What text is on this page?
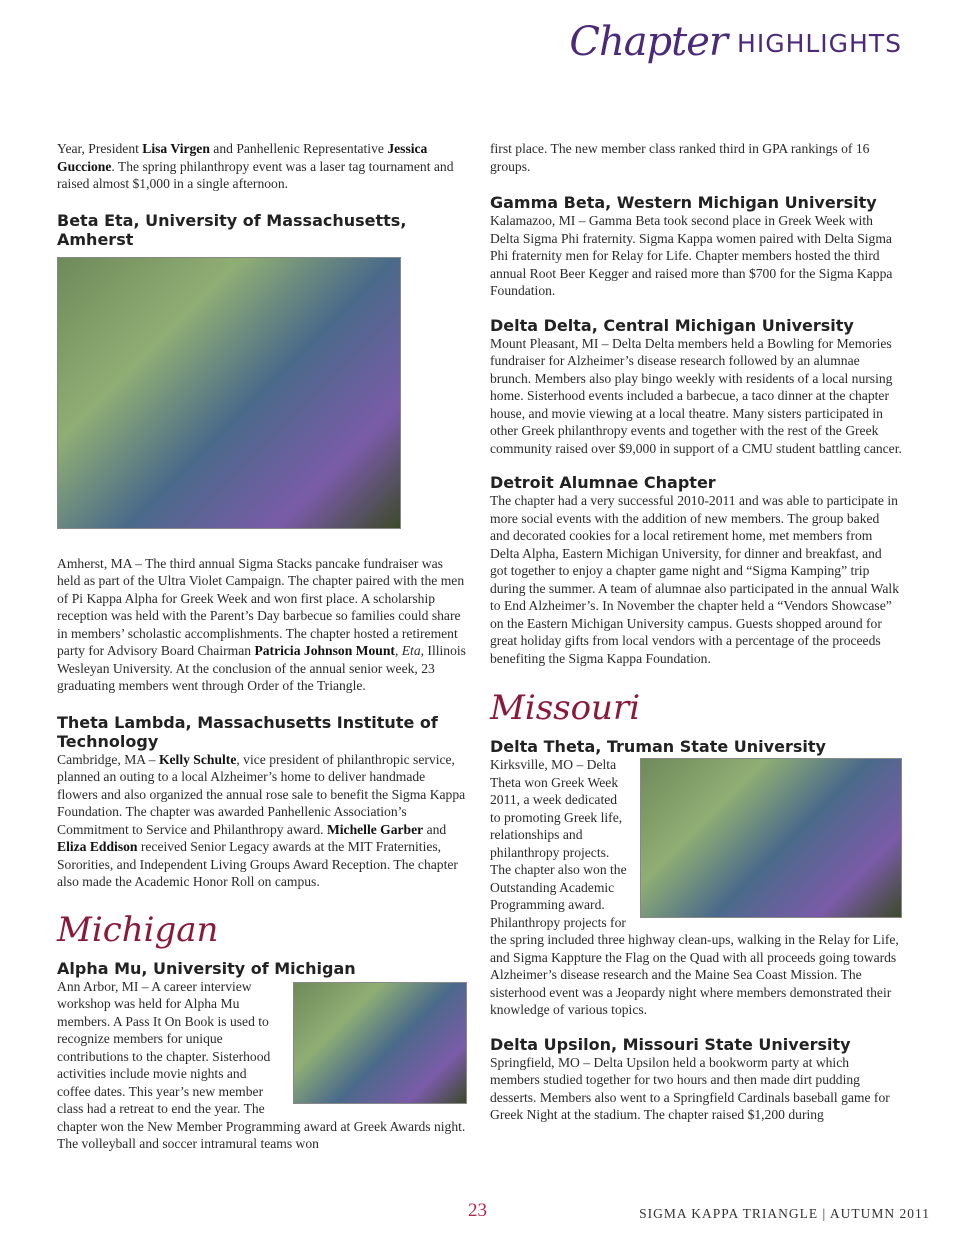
Chapter HIGHLIGHTS

Year, President Lisa Virgen and Panhellenic Representative Jessica Guccione. The spring philanthropy event was a laser tag tournament and raised almost $1,000 in a single afternoon.

Beta Eta, University of Massachusetts, Amherst

Amherst, MA – The third annual Sigma Stacks pancake fundraiser was held as part of the Ultra Violet Campaign. The chapter paired with the men of Pi Kappa Alpha for Greek Week and won first place. A scholarship reception was held with the Parent’s Day barbecue so families could share in members’ scholastic accomplishments. The chapter hosted a retirement party for Advisory Board Chairman Patricia Johnson Mount, Eta, Illinois Wesleyan University. At the conclusion of the annual senior week, 23 graduating members went through Order of the Triangle.

Theta Lambda, Massachusetts Institute of Technology

Cambridge, MA – Kelly Schulte, vice president of philanthropic service, planned an outing to a local Alzheimer’s home to deliver handmade flowers and also organized the annual rose sale to benefit the Sigma Kappa Foundation. The chapter was awarded Panhellenic Association’s Commitment to Service and Philanthropy award. Michelle Garber and Eliza Eddison received Senior Legacy awards at the MIT Fraternities, Sororities, and Independent Living Groups Award Reception. The chapter also made the Academic Honor Roll on campus.

Michigan
Alpha Mu, University of Michigan

Ann Arbor, MI – A career interview workshop was held for Alpha Mu members. A Pass It On Book is used to recognize members for unique contributions to the chapter. Sisterhood activities include movie nights and coffee dates. This year’s new member class had a retreat to end the year. The chapter won the New Member Programming award at Greek Awards night. The volleyball and soccer intramural teams won

first place. The new member class ranked third in GPA rankings of 16 groups.

Gamma Beta, Western Michigan University

Kalamazoo, MI – Gamma Beta took second place in Greek Week with Delta Sigma Phi fraternity. Sigma Kappa women paired with Delta Sigma Phi fraternity men for Relay for Life. Chapter members hosted the third annual Root Beer Kegger and raised more than $700 for the Sigma Kappa Foundation.

Delta Delta, Central Michigan University

Mount Pleasant, MI – Delta Delta members held a Bowling for Memories fundraiser for Alzheimer’s disease research followed by an alumnae brunch. Members also play bingo weekly with residents of a local nursing home. Sisterhood events included a barbecue, a taco dinner at the chapter house, and movie viewing at a local theatre. Many sisters participated in other Greek philanthropy events and together with the rest of the Greek community raised over $9,000 in support of a CMU student battling cancer.

Detroit Alumnae Chapter

The chapter had a very successful 2010-2011 and was able to participate in more social events with the addition of new members. The group baked and decorated cookies for a local retirement home, met members from Delta Alpha, Eastern Michigan University, for dinner and breakfast, and got together to enjoy a chapter game night and “Sigma Kamping” trip during the summer. A team of alumnae also participated in the annual Walk to End Alzheimer’s. In November the chapter held a “Vendors Showcase” on the Eastern Michigan University campus. Guests shopped around for great holiday gifts from local vendors with a percentage of the proceeds benefiting the Sigma Kappa Foundation.

Missouri
Delta Theta, Truman State University

Kirksville, MO – Delta Theta won Greek Week 2011, a week dedicated to promoting Greek life, relationships and philanthropy projects. The chapter also won the Outstanding Academic Programming award. Philanthropy projects for the spring included three highway clean-ups, walking in the Relay for Life, and Sigma Kappture the Flag on the Quad with all proceeds going towards Alzheimer’s disease research and the Maine Sea Coast Mission. The sisterhood event was a Jeopardy night where members demonstrated their knowledge of various topics.

Delta Upsilon, Missouri State University

Springfield, MO – Delta Upsilon held a bookworm party at which members studied together for two hours and then made dirt pudding desserts. Members also went to a Springfield Cardinals baseball game for Greek Night at the stadium. The chapter raised $1,200 during

23	SIGMA KAPPA TRIANGLE | AUTUMN 2011
